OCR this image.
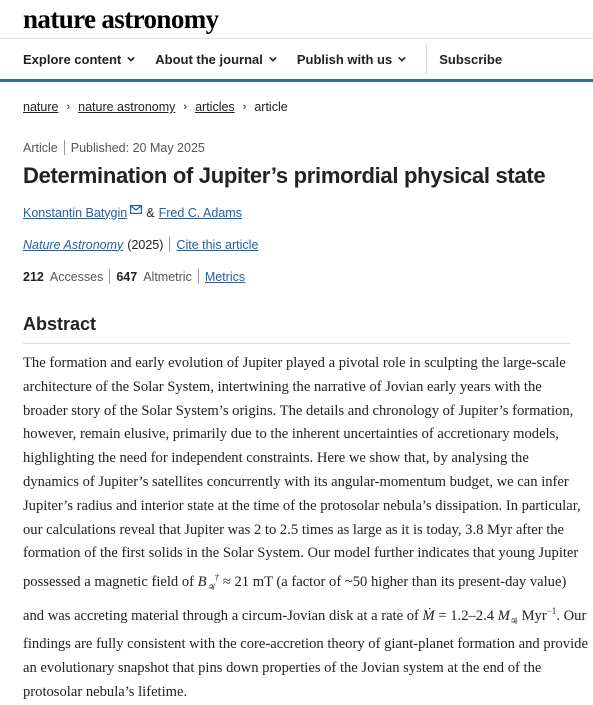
nature astronomy
Explore content	About the journal	Publish with us	Subscribe
nature › nature astronomy › articles › article
Article Published: 20 May 2025
Determination of Jupiter’s primordial physical state
Konstantin Batygin & Fred C. Adams
Nature Astronomy (2025) Cite this article
212 Accesses 647 Altmetric Metrics
Abstract

The formation and early evolution of Jupiter played a pivotal role in sculpting the large-scale architecture of the Solar System, intertwining the narrative of Jovian early years with the broader story of the Solar System’s origins. The details and chronology of Jupiter’s formation, however, remain elusive, primarily due to the inherent uncertainties of accretionary models, highlighting the need for independent constraints. Here we show that, by analysing the dynamics of Jupiter’s satellites concurrently with its angular-momentum budget, we can infer Jupiter’s radius and interior state at the time of the protosolar nebula’s dissipation. In particular, our calculations reveal that Jupiter was 2 to 2.5 times as large as it is today, 3.8 Myr after the formation of the first solids in the Solar System. Our model further indicates that young Jupiter possessed a magnetic field of $B_♃^\dagger \approx 21$ mT (a factor of ~50 higher than its present-day value) and was accreting material through a circum-Jovian disk at a rate of Ṁ = 1.2–2.4 $M_♃$ Myr$^{-1}$. Our findings are fully consistent with the core-accretion theory of giant-planet formation and provide an evolutionary snapshot that pins down properties of the Jovian system at the end of the protosolar nebula’s lifetime.
